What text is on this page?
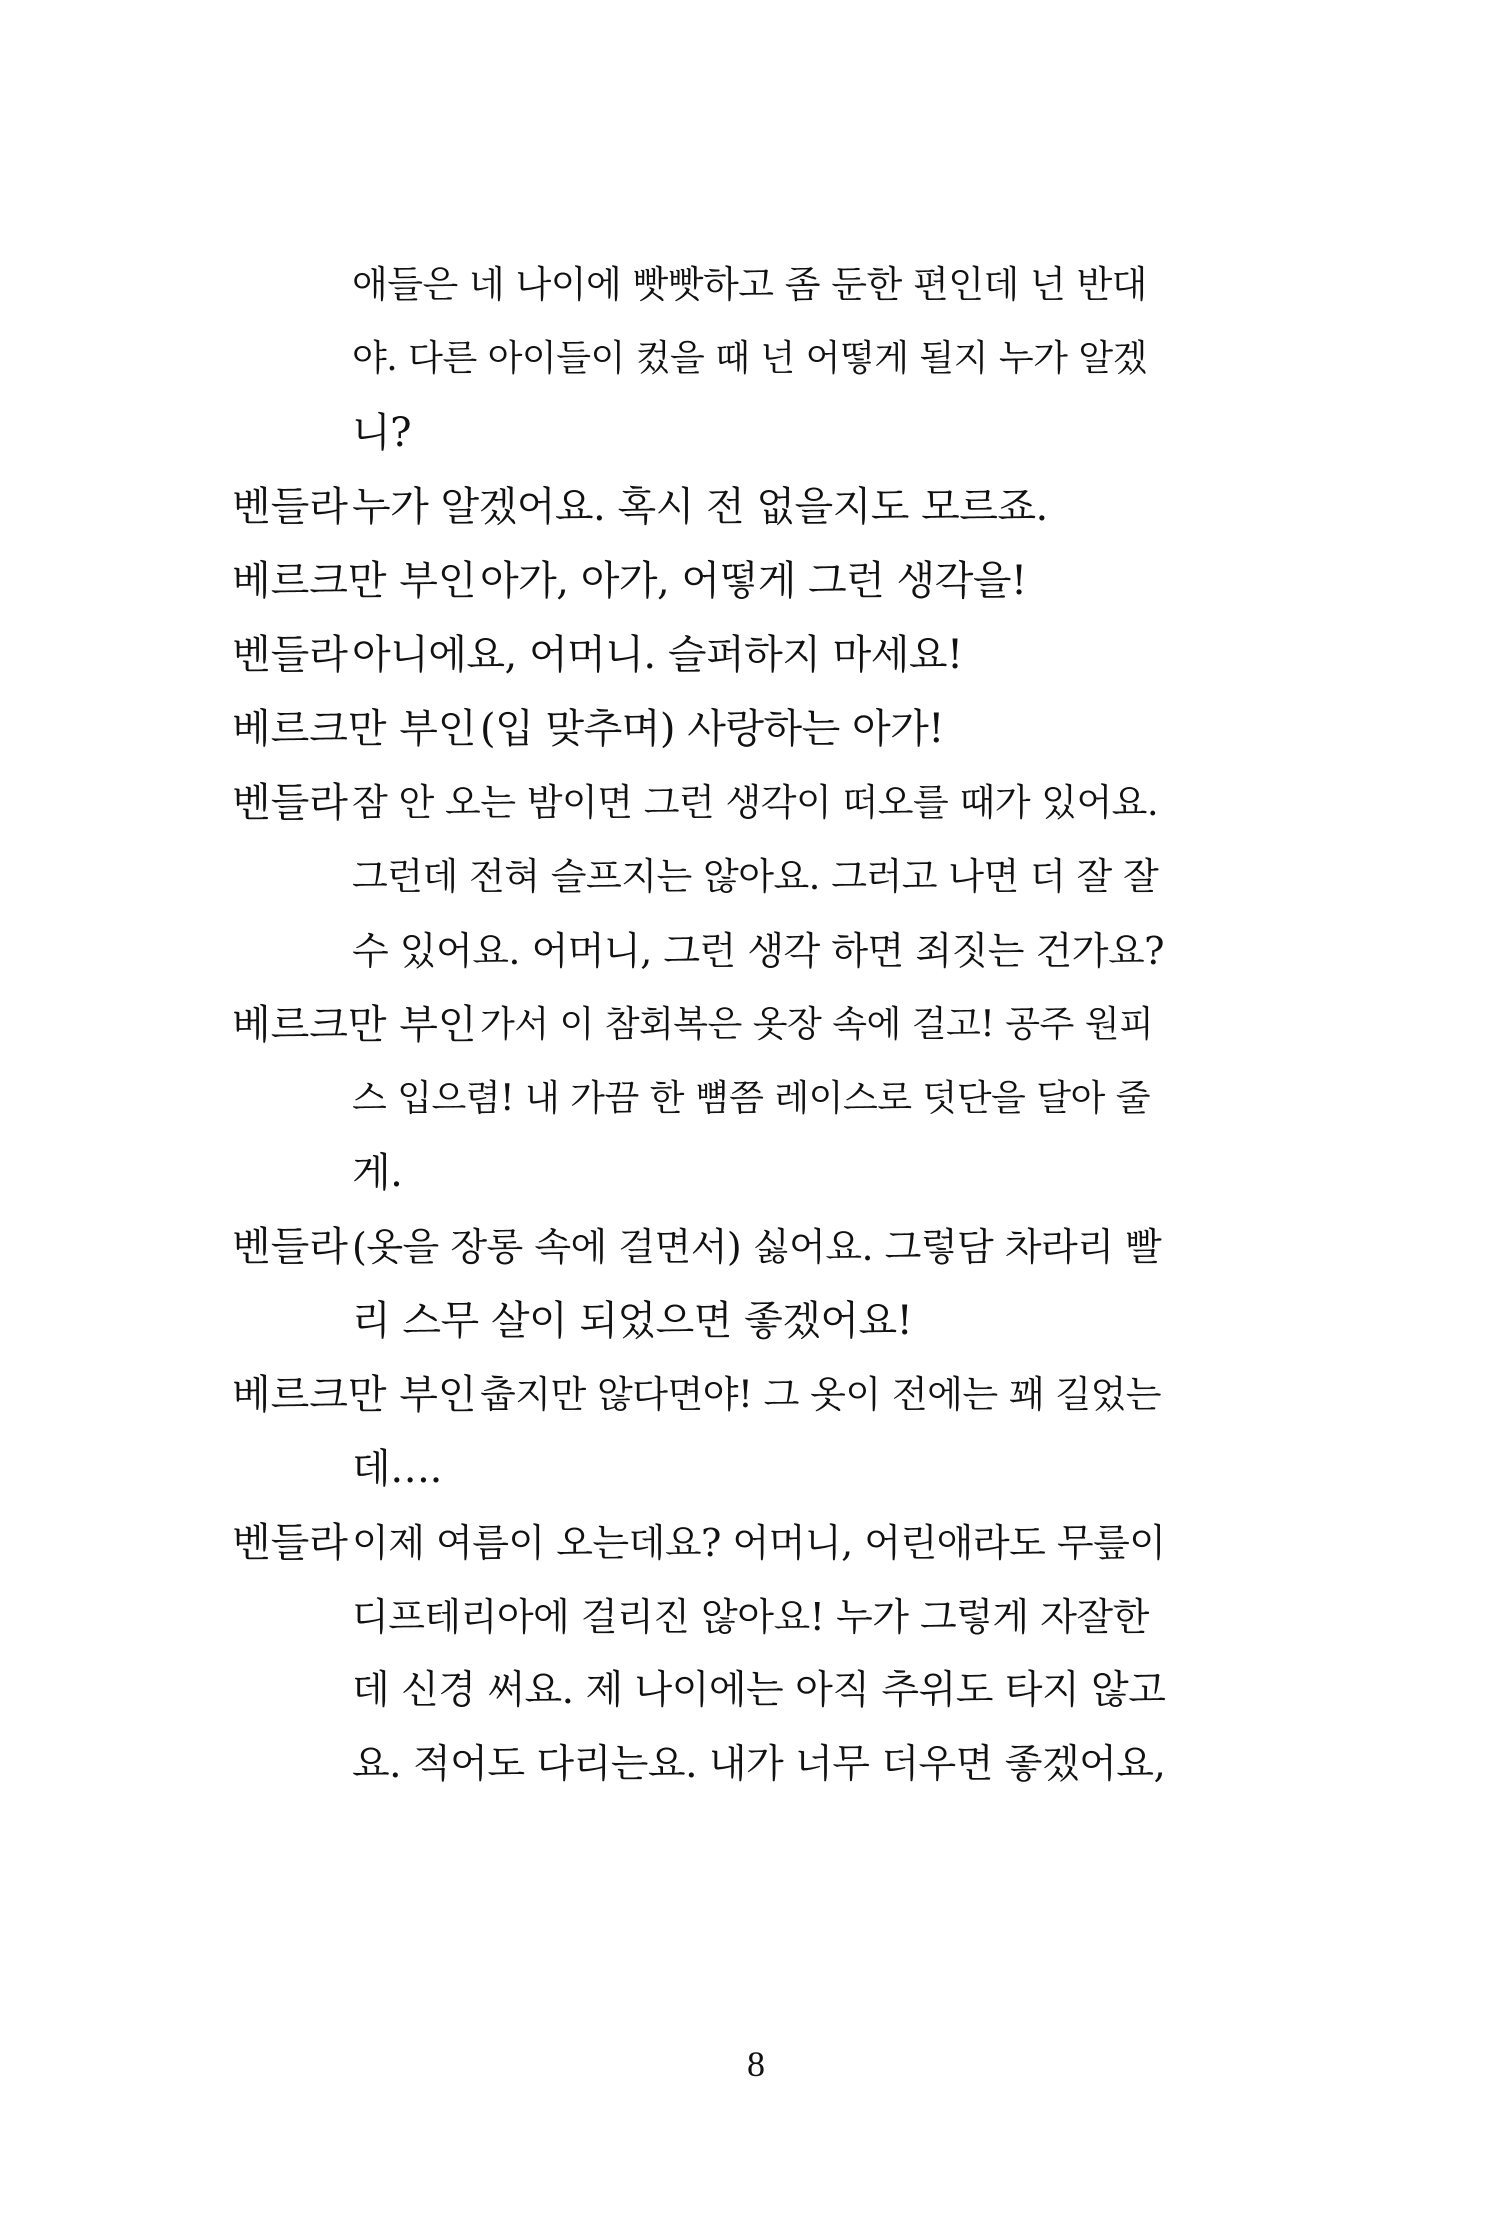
애들은 네 나이에 빳빳하고 좀 둔한 편인데 넌 반대
야. 다른 아이들이 컸을 때 넌 어떻게 될지 누가 알겠
니?
벤들라 누가 알겠어요. 혹시 전 없을지도 모르죠.
베르크만 부인 아가, 아가, 어떻게 그런 생각을!
벤들라 아니에요, 어머니. 슬퍼하지 마세요!
베르크만 부인 (입 맞추며) 사랑하는 아가!
벤들라 잠 안 오는 밤이면 그런 생각이 떠오를 때가 있어요.
그런데 전혀 슬프지는 않아요. 그러고 나면 더 잘 잘
수 있어요. 어머니, 그런 생각 하면 죄짓는 건가요?
베르크만 부인 가서 이 참회복은 옷장 속에 걸고! 공주 원피
스 입으렴! 내 가끔 한 뼘쯤 레이스로 덧단을 달아 줄
게.
벤들라 (옷을 장롱 속에 걸면서) 싫어요. 그렇담 차라리 빨
리 스무 살이 되었으면 좋겠어요!
베르크만 부인 춥지만 않다면야! 그 옷이 전에는 꽤 길었는
데….
벤들라 이제 여름이 오는데요? 어머니, 어린애라도 무릎이
디프테리아에 걸리진 않아요! 누가 그렇게 자잘한
데 신경 써요. 제 나이에는 아직 추위도 타지 않고
요. 적어도 다리는요. 내가 너무 더우면 좋겠어요,
8
